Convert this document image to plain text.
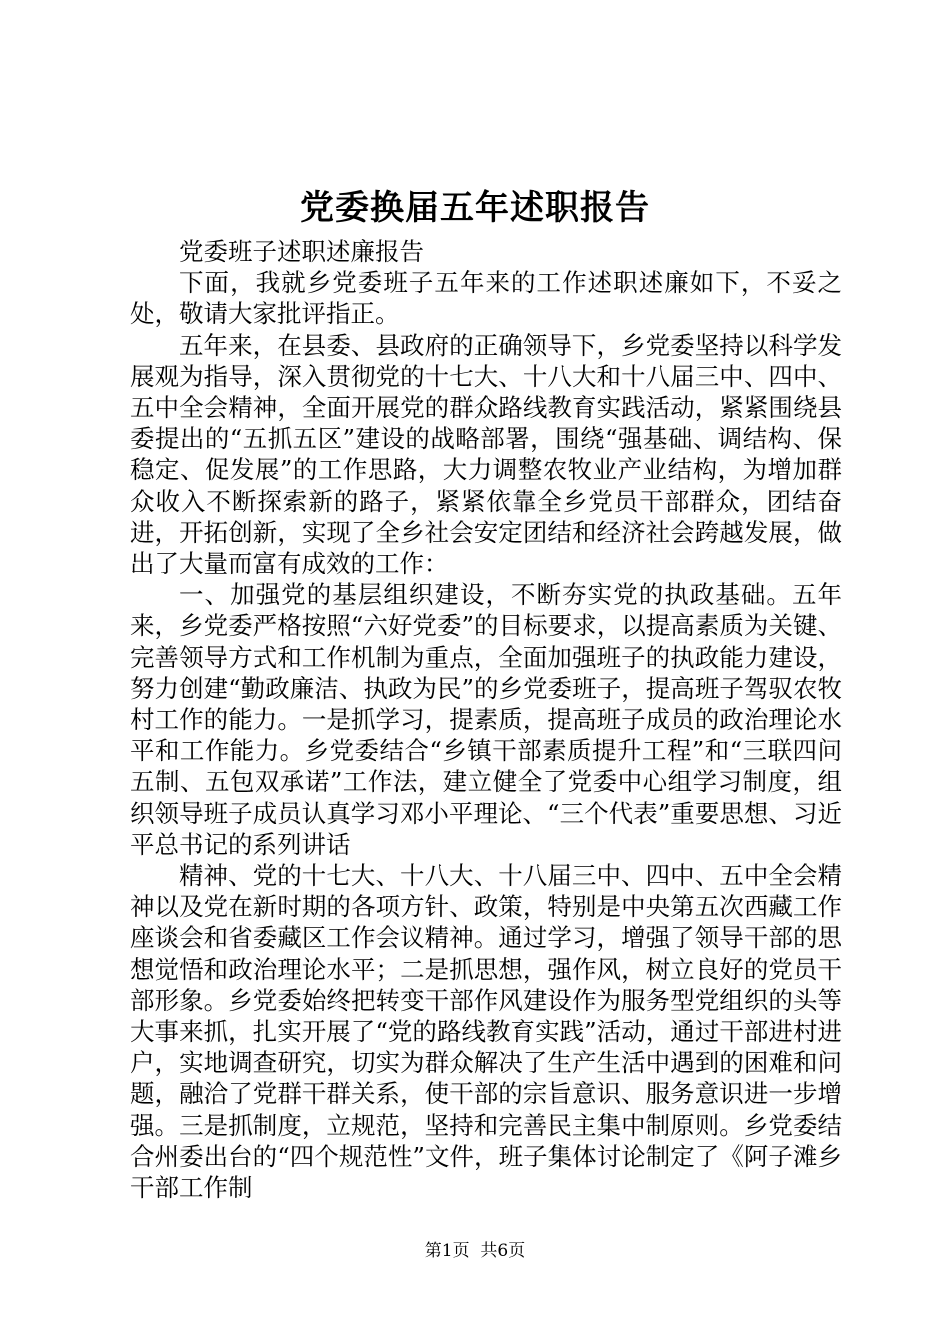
党委换届五年述职报告

党委班子述职述廉报告

下面，我就乡党委班子五年来的工作述职述廉如下，不妥之处，敬请大家批评指正。

五年来，在县委、县政府的正确领导下，乡党委坚持以科学发展观为指导，深入贯彻党的十七大、十八大和十八届三中、四中、五中全会精神，全面开展党的群众路线教育实践活动，紧紧围绕县委提出的“五抓五区”建设的战略部署，围绕“强基础、调结构、保稳定、促发展”的工作思路，大力调整农牧业产业结构，为增加群众收入不断探索新的路子，紧紧依靠全乡党员干部群众，团结奋进，开拓创新，实现了全乡社会安定团结和经济社会跨越发展，做出了大量而富有成效的工作：

一、加强党的基层组织建设，不断夯实党的执政基础。五年来，乡党委严格按照“六好党委”的目标要求，以提高素质为关键、完善领导方式和工作机制为重点，全面加强班子的执政能力建设，努力创建“勤政廉洁、执政为民”的乡党委班子，提高班子驾驭农牧村工作的能力。一是抓学习，提素质，提高班子成员的政治理论水平和工作能力。乡党委结合“乡镇干部素质提升工程”和“三联四问五制、五包双承诺”工作法，建立健全了党委中心组学习制度，组织领导班子成员认真学习邓小平理论、“三个代表”重要思想、习近平总书记的系列讲话

精神、党的十七大、十八大、十八届三中、四中、五中全会精神以及党在新时期的各项方针、政策，特别是中央第五次西藏工作座谈会和省委藏区工作会议精神。通过学习，增强了领导干部的思想觉悟和政治理论水平；二是抓思想，强作风，树立良好的党员干部形象。乡党委始终把转变干部作风建设作为服务型党组织的头等大事来抓，扎实开展了“党的路线教育实践”活动，通过干部进村进户，实地调查研究，切实为群众解决了生产生活中遇到的困难和问题，融洽了党群干群关系，使干部的宗旨意识、服务意识进一步增强。三是抓制度，立规范，坚持和完善民主集中制原则。乡党委结合州委出台的“四个规范性”文件，班子集体讨论制定了《阿子滩乡干部工作制

第1页  共6页
